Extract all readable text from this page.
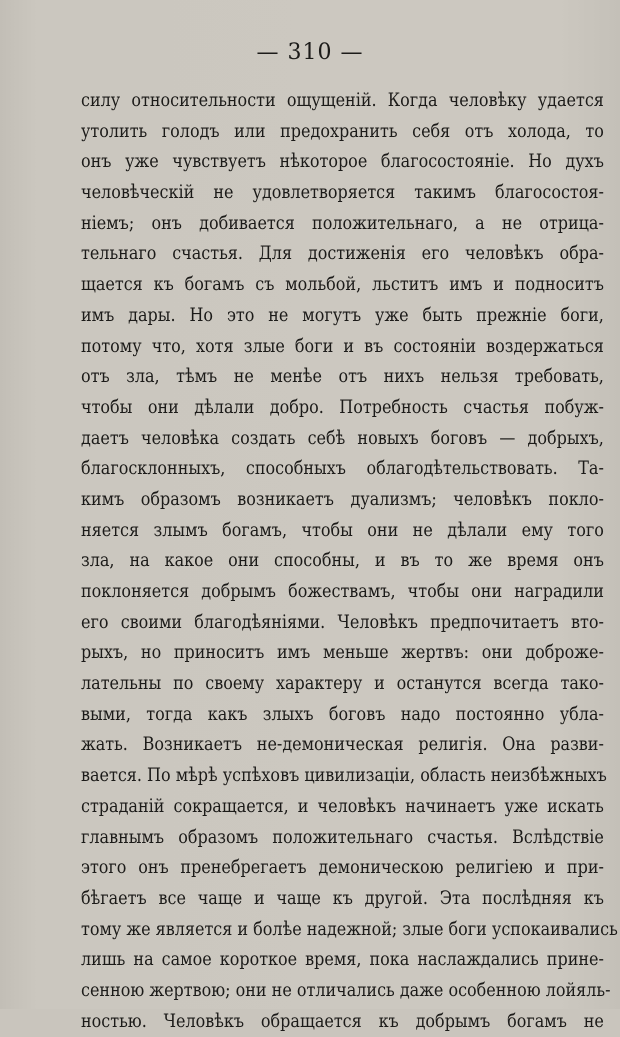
— 310 —
силу относительности ощущеній. Когда человѣку удается
утолить голодъ или предохранить себя отъ холода, то
онъ уже чувствуетъ нѣкоторое благосостояніе. Но духъ
человѣческій не удовлетворяется такимъ благосостоя-
ніемъ; онъ добивается положительнаго, а не отрица-
тельнаго счастья. Для достиженія его человѣкъ обра-
щается къ богамъ съ мольбой, льститъ имъ и подноситъ
имъ дары. Но это не могутъ уже быть прежніе боги,
потому что, хотя злые боги и въ состояніи воздержаться
отъ зла, тѣмъ не менѣе отъ нихъ нельзя требовать,
чтобы они дѣлали добро. Потребность счастья побуж-
даетъ человѣка создать себѣ новыхъ боговъ — добрыхъ,
благосклонныхъ, способныхъ облагодѣтельствовать. Та-
кимъ образомъ возникаетъ дуализмъ; человѣкъ покло-
няется злымъ богамъ, чтобы они не дѣлали ему того
зла, на какое они способны, и въ то же время онъ
поклоняется добрымъ божествамъ, чтобы они наградили
его своими благодѣяніями. Человѣкъ предпочитаетъ вто-
рыхъ, но приноситъ имъ меньше жертвъ: они доброже-
лательны по своему характеру и останутся всегда тако-
выми, тогда какъ злыхъ боговъ надо постоянно убла-
жать. Возникаетъ не-демоническая религія. Она разви-
вается. По мѣрѣ успѣховъ цивилизаціи, область неизбѣжныхъ
страданій сокращается, и человѣкъ начинаетъ уже искать
главнымъ образомъ положительнаго счастья. Вслѣдствіе
этого онъ пренебрегаетъ демоническою религіею и при-
бѣгаетъ все чаще и чаще къ другой. Эта послѣдняя къ
тому же является и болѣе надежной; злые боги успокаивались
лишь на самое короткое время, пока наслаждались прине-
сенною жертвою; они не отличались даже особенною лойяль-
ностью. Человѣкъ обращается къ добрымъ богамъ не
